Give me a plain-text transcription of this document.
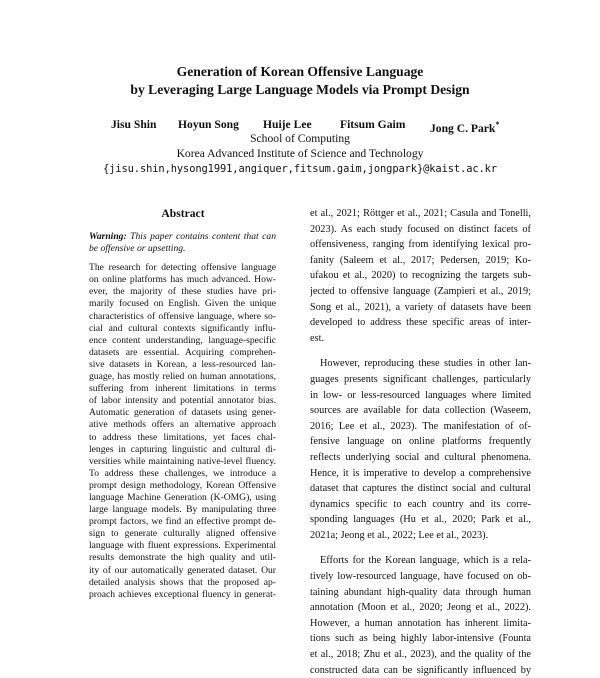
Generation of Korean Offensive Language
by Leveraging Large Language Models via Prompt Design
Jisu Shin Hoyun Song Huije Lee Fitsum Gaim Jong C. Park*
School of Computing
Korea Advanced Institute of Science and Technology
{jisu.shin,hysong1991,angiquer,fitsum.gaim,jongpark}@kaist.ac.kr
Abstract
Warning: This paper contains content that can
be offensive or upsetting.
The research for detecting offensive language
on online platforms has much advanced. How-
ever, the majority of these studies have pri-
marily focused on English. Given the unique
characteristics of offensive language, where so-
cial and cultural contexts significantly influ-
ence content understanding, language-specific
datasets are essential. Acquiring comprehen-
sive datasets in Korean, a less-resourced lan-
guage, has mostly relied on human annotations,
suffering from inherent limitations in terms
of labor intensity and potential annotator bias.
Automatic generation of datasets using gener-
ative methods offers an alternative approach
to address these limitations, yet faces chal-
lenges in capturing linguistic and cultural di-
versities while maintaining native-level fluency.
To address these challenges, we introduce a
prompt design methodology, Korean Offensive
language Machine Generation (K-OMG), using
large language models. By manipulating three
prompt factors, we find an effective prompt de-
sign to generate culturally aligned offensive
language with fluent expressions. Experimental
results demonstrate the high quality and util-
ity of our automatically generated dataset. Our
detailed analysis shows that the proposed ap-
proach achieves exceptional fluency in generat-
et al., 2021; Röttger et al., 2021; Casula and Tonelli,
2023). As each study focused on distinct facets of
offensiveness, ranging from identifying lexical pro-
fanity (Saleem et al., 2017; Pedersen, 2019; Ko-
ufakou et al., 2020) to recognizing the targets sub-
jected to offensive language (Zampieri et al., 2019;
Song et al., 2021), a variety of datasets have been
developed to address these specific areas of inter-
est.
However, reproducing these studies in other lan-
guages presents significant challenges, particularly
in low- or less-resourced languages where limited
sources are available for data collection (Waseem,
2016; Lee et al., 2023). The manifestation of of-
fensive language on online platforms frequently
reflects underlying social and cultural phenomena.
Hence, it is imperative to develop a comprehensive
dataset that captures the distinct social and cultural
dynamics specific to each country and its corre-
sponding languages (Hu et al., 2020; Park et al.,
2021a; Jeong et al., 2022; Lee et al., 2023).
Efforts for the Korean language, which is a rela-
tively low-resourced language, have focused on ob-
taining abundant high-quality data through human
annotation (Moon et al., 2020; Jeong et al., 2022).
However, a human annotation has inherent limita-
tions such as being highly labor-intensive (Founta
et al., 2018; Zhu et al., 2023), and the quality of the
constructed data can be significantly influenced by
